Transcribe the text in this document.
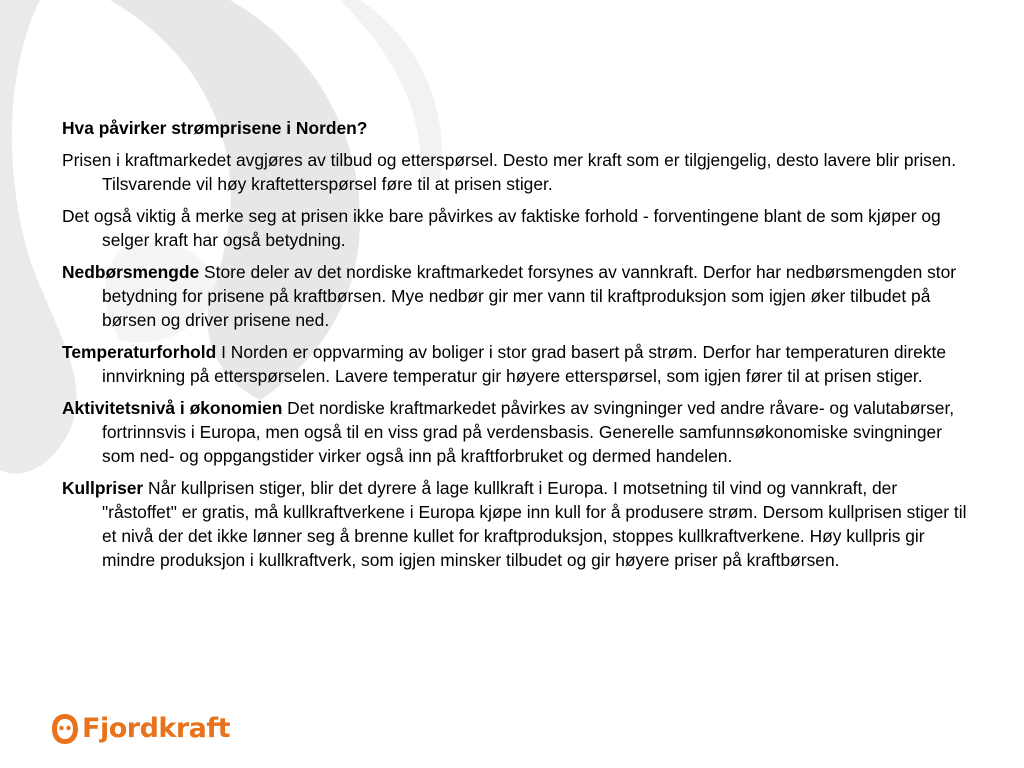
Hva påvirker strømprisene i Norden?

Prisen i kraftmarkedet avgjøres av tilbud og etterspørsel. Desto mer kraft som er tilgjengelig, desto lavere blir prisen. Tilsvarende vil høy kraftetterspørsel føre til at prisen stiger.

Det også viktig å merke seg at prisen ikke bare påvirkes av faktiske forhold - forventingene blant de som kjøper og selger kraft har også betydning.

Nedbørsmengde Store deler av det nordiske kraftmarkedet forsynes av vannkraft. Derfor har nedbørsmengden stor betydning for prisene på kraftbørsen. Mye nedbør gir mer vann til kraftproduksjon som igjen øker tilbudet på børsen og driver prisene ned.

Temperaturforhold I Norden er oppvarming av boliger i stor grad basert på strøm. Derfor har temperaturen direkte innvirkning på etterspørselen. Lavere temperatur gir høyere etterspørsel, som igjen fører til at prisen stiger.

Aktivitetsnivå i økonomien Det nordiske kraftmarkedet påvirkes av svingninger ved andre råvare- og valutabørser, fortrinnsvis i Europa, men også til en viss grad på verdensbasis. Generelle samfunnsøkonomiske svingninger som ned- og oppgangstider virker også inn på kraftforbruket og dermed handelen.

Kullpriser Når kullprisen stiger, blir det dyrere å lage kullkraft i Europa. I motsetning til vind og vannkraft, der "råstoffet" er gratis, må kullkraftverkene i Europa kjøpe inn kull for å produsere strøm. Dersom kullprisen stiger til et nivå der det ikke lønner seg å brenne kullet for kraftproduksjon, stoppes kullkraftverkene. Høy kullpris gir mindre produksjon i kullkraftverk, som igjen minsker tilbudet og gir høyere priser på kraftbørsen.

Fjordkraft
